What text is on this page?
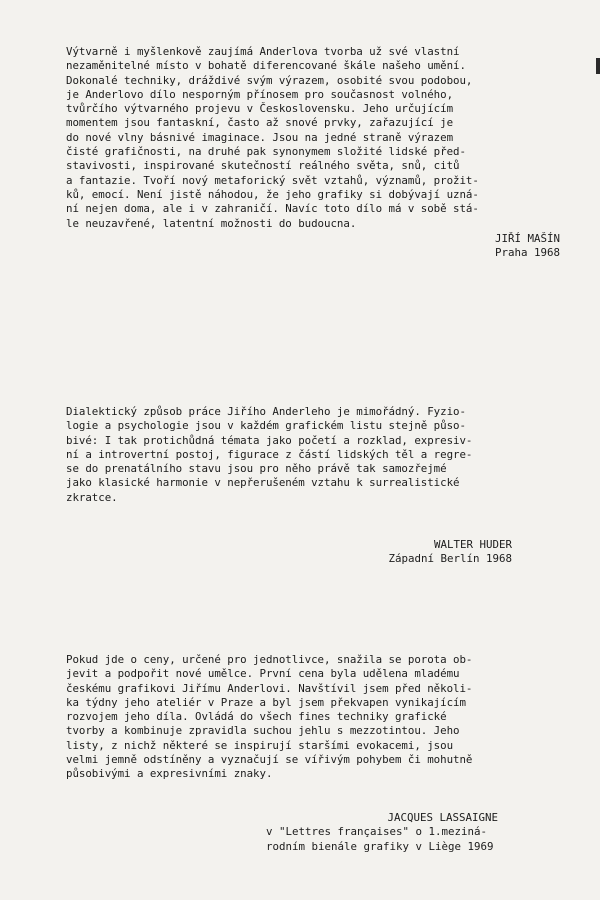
Výtvarně i myšlenkově zaujímá Anderlova tvorba už své vlastní
nezaměnitelné místo v bohatě diferencované škále našeho umění.
Dokonalé techniky, dráždivé svým výrazem, osobité svou podobou,
je Anderlovo dílo nesporným přínosem pro současnost volného,
tvůrčího výtvarného projevu v Československu. Jeho určujícím
momentem jsou fantaskní, často až snové prvky, zařazující je
do nové vlny básnivé imaginace. Jsou na jedné straně výrazem
čisté grafičnosti, na druhé pak synonymem složité lidské před-
stavivosti, inspirované skutečností reálného světa, snů, citů
a fantazie. Tvoří nový metaforický svět vztahů, významů, prožit-
ků, emocí. Není jistě náhodou, že jeho grafiky si dobývají uzná-
ní nejen doma, ale i v zahraničí. Navíc toto dílo má v sobě stá-
le neuzavřené, latentní možnosti do budoucna.
JIŘÍ MAŠÍN
Praha 1968
Dialektický způsob práce Jiřího Anderleho je mimořádný. Fyzio-
logie a psychologie jsou v každém grafickém listu stejně půso-
bivé: I tak protichůdná témata jako početí a rozklad, expresiv-
ní a introvertní postoj, figurace z částí lidských těl a regre-
se do prenatálního stavu jsou pro něho právě tak samozřejmé
jako klasické harmonie v nepřerušeném vztahu k surrealistické
zkratce.
WALTER HUDER
Západní Berlín 1968
Pokud jde o ceny, určené pro jednotlivce, snažila se porota ob-
jevit a podpořit nové umělce. První cena byla udělena mladému
českému grafikovi Jiřímu Anderlovi. Navštívil jsem před několi-
ka týdny jeho ateliér v Praze a byl jsem překvapen vynikajícím
rozvojem jeho díla. Ovládá do všech fines techniky grafické
tvorby a kombinuje zpravidla suchou jehlu s mezzotintou. Jeho
listy, z nichž některé se inspirují staršími evokacemi, jsou
velmi jemně odstíněny a vyznačují se vířivým pohybem či mohutně
působivými a expresivními znaky.
JACQUES LASSAIGNE
v "Lettres françaises" o 1.meziná-
rodním bienále grafiky v Liège 1969
